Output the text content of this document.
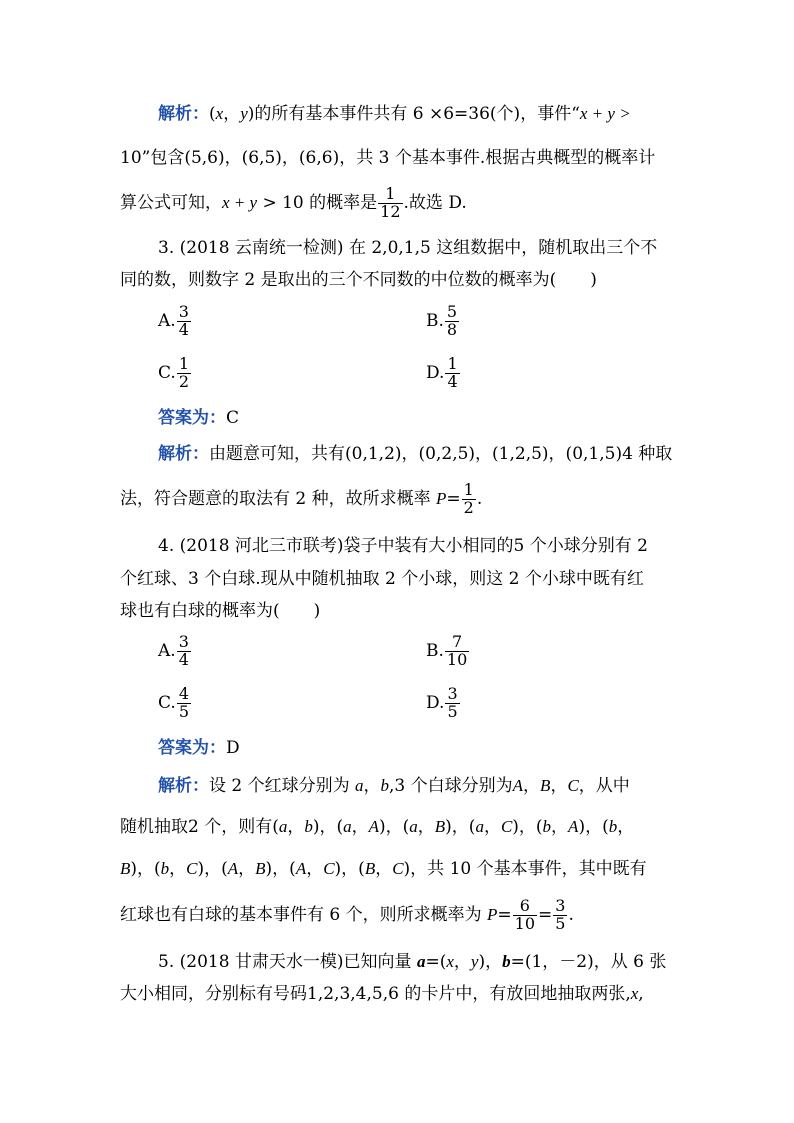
解析：(x，y)的所有基本事件共有 6 ×6=36(个)，事件“x + y >
10”包含(5,6)，(6,5)，(6,6)，共 3 个基本事件.根据古典概型的概率计
算公式可知，x + y > 10 的概率是 $\frac{1}{12}$ .故选 D.
3. (2018 云南统一检测) 在 2,0,1,5 这组数据中，随机取出三个不
同的数，则数字 2 是取出的三个不同数的中位数的概率为( )
A. $\frac{3}{4}$	B. $\frac{5}{8}$
C. $\frac{1}{2}$	D. $\frac{1}{4}$
答案为：C
解析：由题意可知，共有(0,1,2)，(0,2,5)，(1,2,5)，(0,1,5)4 种取
法，符合题意的取法有 2 种，故所求概率 $P= \frac{1}{2}$ .
4. (2018 河北三市联考)袋子中装有大小相同的5 个小球分别有 2
个红球、3 个白球.现从中随机抽取 2 个小球，则这 2 个小球中既有红
球也有白球的概率为( )
A. $\frac{3}{4}$	B. $\frac{7}{10}$
C. $\frac{4}{5}$	D. $\frac{3}{5}$
答案为：D
解析：设 2 个红球分别为 a，b,3 个白球分别为A，B，C，从中
随机抽取2 个，则有(a，b)，(a，A)，(a，B)，(a，C)，(b，A)，(b，
B)，(b，C)，(A，B)，(A，C)，(B，C)，共 10 个基本事件，其中既有
红球也有白球的基本事件有 6 个，则所求概率为 $P= \frac{6}{10} = \frac{3}{5}$ .
5. (2018 甘肃天水一模)已知向量 a=(x，y)，b=(1，－2)，从 6 张
大小相同，分别标有号码1,2,3,4,5,6 的卡片中，有放回地抽取两张,x,
